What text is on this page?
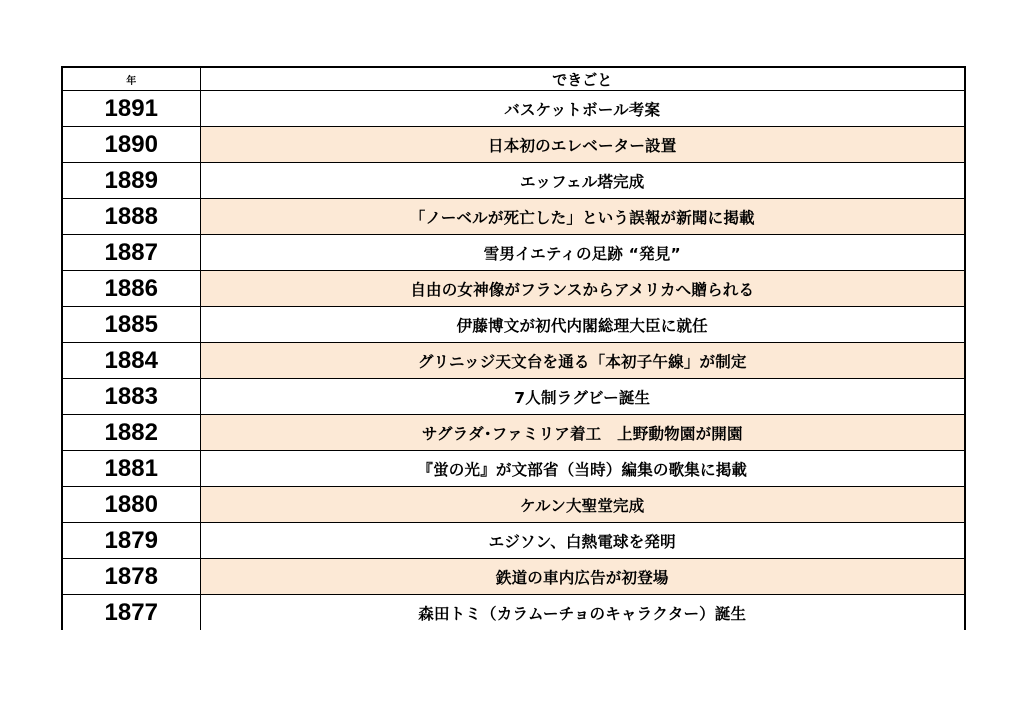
年	できごと
1891	バスケットボール考案
1890	日本初のエレベーター設置
1889	エッフェル塔完成
1888	「ノーベルが死亡した」という誤報が新聞に掲載
1887	雪男イエティの足跡 “発見”
1886	自由の女神像がフランスからアメリカへ贈られる
1885	伊藤博文が初代内閣総理大臣に就任
1884	グリニッジ天文台を通る「本初子午線」が制定
1883	7人制ラグビー誕生
1882	サグラダ･ファミリア着工　上野動物園が開園
1881	『蛍の光』が文部省（当時）編集の歌集に掲載
1880	ケルン大聖堂完成
1879	エジソン、白熱電球を発明
1878	鉄道の車内広告が初登場
1877	森田トミ（カラムーチョのキャラクター）誕生
